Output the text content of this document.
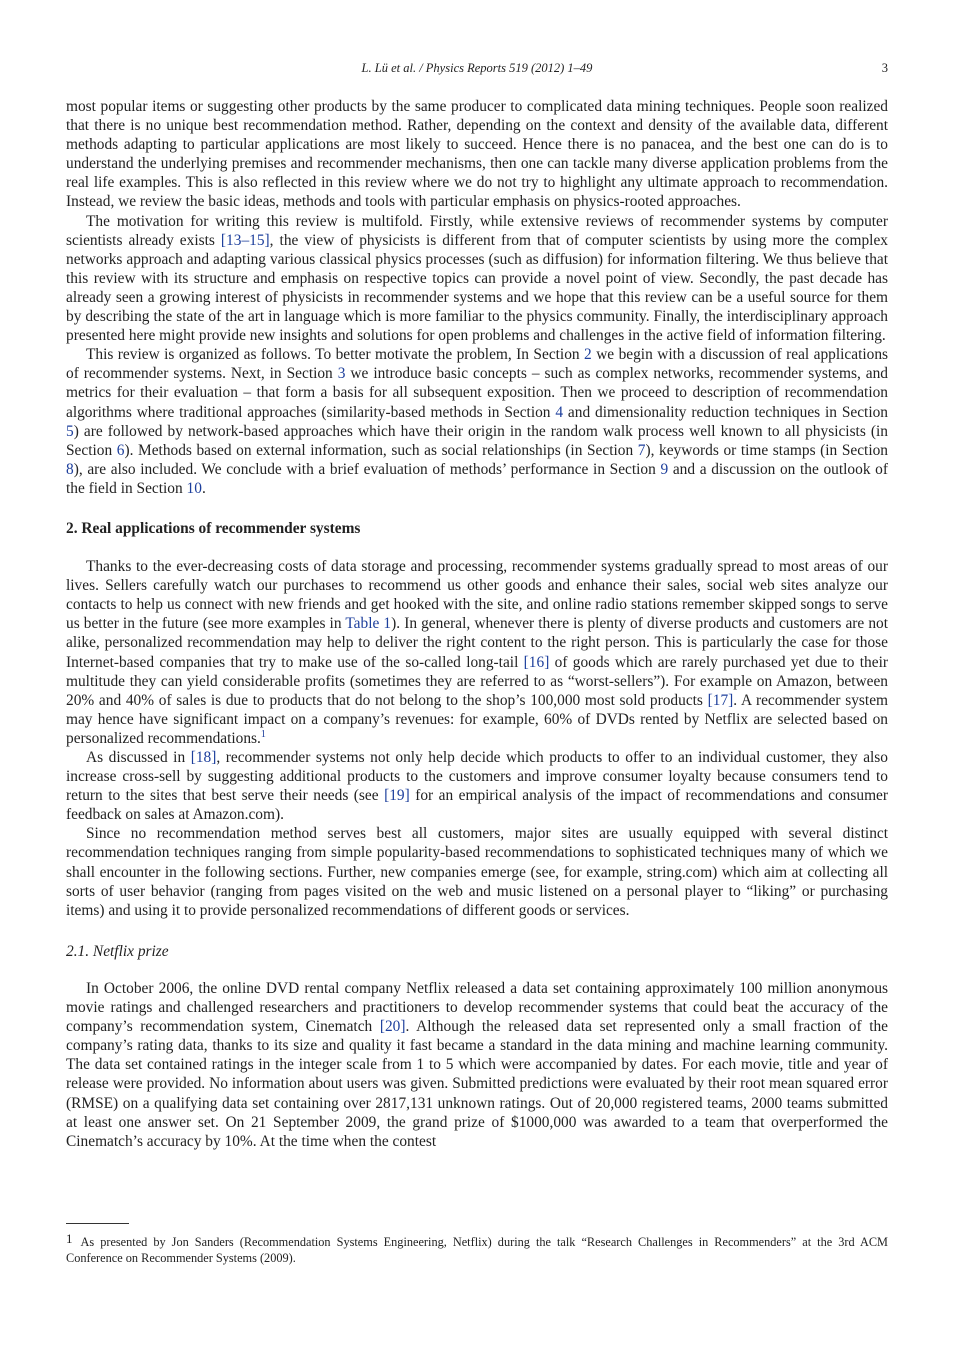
L. Lü et al. / Physics Reports 519 (2012) 1–49	3

most popular items or suggesting other products by the same producer to complicated data mining techniques. People soon realized that there is no unique best recommendation method. Rather, depending on the context and density of the available data, different methods adapting to particular applications are most likely to succeed. Hence there is no panacea, and the best one can do is to understand the underlying premises and recommender mechanisms, then one can tackle many diverse application problems from the real life examples. This is also reflected in this review where we do not try to highlight any ultimate approach to recommendation. Instead, we review the basic ideas, methods and tools with particular emphasis on physics-rooted approaches.

The motivation for writing this review is multifold. Firstly, while extensive reviews of recommender systems by computer scientists already exists [13–15], the view of physicists is different from that of computer scientists by using more the complex networks approach and adapting various classical physics processes (such as diffusion) for information filtering. We thus believe that this review with its structure and emphasis on respective topics can provide a novel point of view. Secondly, the past decade has already seen a growing interest of physicists in recommender systems and we hope that this review can be a useful source for them by describing the state of the art in language which is more familiar to the physics community. Finally, the interdisciplinary approach presented here might provide new insights and solutions for open problems and challenges in the active field of information filtering.

This review is organized as follows. To better motivate the problem, In Section 2 we begin with a discussion of real applications of recommender systems. Next, in Section 3 we introduce basic concepts – such as complex networks, recommender systems, and metrics for their evaluation – that form a basis for all subsequent exposition. Then we proceed to description of recommendation algorithms where traditional approaches (similarity-based methods in Section 4 and dimensionality reduction techniques in Section 5) are followed by network-based approaches which have their origin in the random walk process well known to all physicists (in Section 6). Methods based on external information, such as social relationships (in Section 7), keywords or time stamps (in Section 8), are also included. We conclude with a brief evaluation of methods’ performance in Section 9 and a discussion on the outlook of the field in Section 10.

2. Real applications of recommender systems

Thanks to the ever-decreasing costs of data storage and processing, recommender systems gradually spread to most areas of our lives. Sellers carefully watch our purchases to recommend us other goods and enhance their sales, social web sites analyze our contacts to help us connect with new friends and get hooked with the site, and online radio stations remember skipped songs to serve us better in the future (see more examples in Table 1). In general, whenever there is plenty of diverse products and customers are not alike, personalized recommendation may help to deliver the right content to the right person. This is particularly the case for those Internet-based companies that try to make use of the so-called long-tail [16] of goods which are rarely purchased yet due to their multitude they can yield considerable profits (sometimes they are referred to as “worst-sellers”). For example on Amazon, between 20% and 40% of sales is due to products that do not belong to the shop’s 100,000 most sold products [17]. A recommender system may hence have significant impact on a company’s revenues: for example, 60% of DVDs rented by Netflix are selected based on personalized recommendations.$^1$

As discussed in [18], recommender systems not only help decide which products to offer to an individual customer, they also increase cross-sell by suggesting additional products to the customers and improve consumer loyalty because consumers tend to return to the sites that best serve their needs (see [19] for an empirical analysis of the impact of recommendations and consumer feedback on sales at Amazon.com).

Since no recommendation method serves best all customers, major sites are usually equipped with several distinct recommendation techniques ranging from simple popularity-based recommendations to sophisticated techniques many of which we shall encounter in the following sections. Further, new companies emerge (see, for example, string.com) which aim at collecting all sorts of user behavior (ranging from pages visited on the web and music listened on a personal player to “liking” or purchasing items) and using it to provide personalized recommendations of different goods or services.

2.1. Netflix prize

In October 2006, the online DVD rental company Netflix released a data set containing approximately 100 million anonymous movie ratings and challenged researchers and practitioners to develop recommender systems that could beat the accuracy of the company’s recommendation system, Cinematch [20]. Although the released data set represented only a small fraction of the company’s rating data, thanks to its size and quality it fast became a standard in the data mining and machine learning community. The data set contained ratings in the integer scale from 1 to 5 which were accompanied by dates. For each movie, title and year of release were provided. No information about users was given. Submitted predictions were evaluated by their root mean squared error (RMSE) on a qualifying data set containing over 2817,131 unknown ratings. Out of 20,000 registered teams, 2000 teams submitted at least one answer set. On 21 September 2009, the grand prize of $1000,000 was awarded to a team that overperformed the Cinematch’s accuracy by 10%. At the time when the contest

1 As presented by Jon Sanders (Recommendation Systems Engineering, Netflix) during the talk “Research Challenges in Recommenders” at the 3rd ACM Conference on Recommender Systems (2009).
